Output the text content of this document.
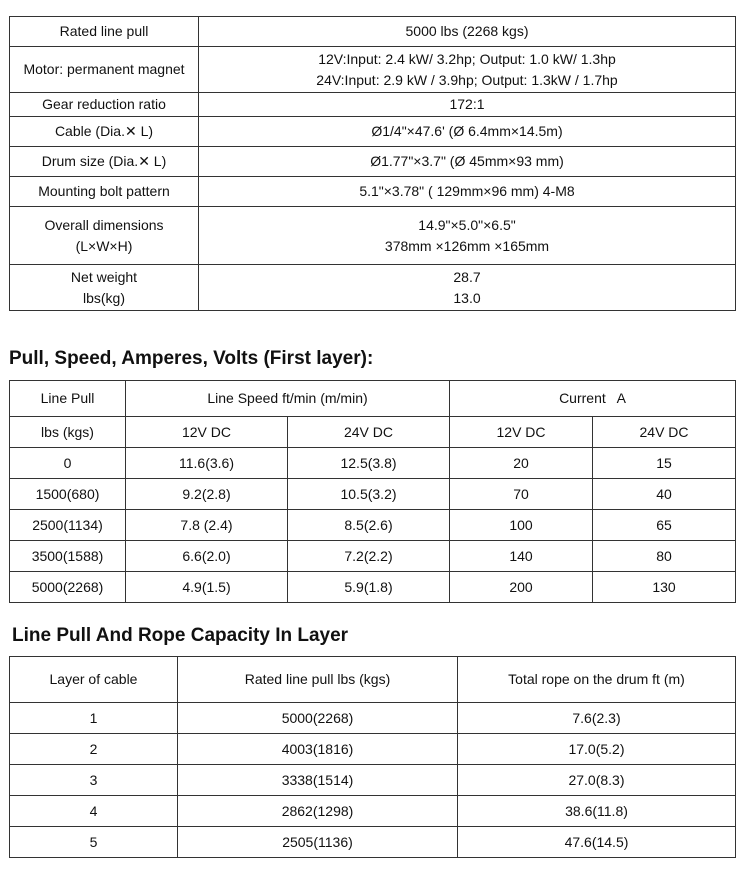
Rated line pull	5000 lbs (2268 kgs)

Motor: permanent magnet	12V:Input: 2.4 kW/ 3.2hp; Output: 1.0 kW/ 1.3hp
24V:Input: 2.9 kW / 3.9hp; Output: 1.3kW / 1.7hp

Gear reduction ratio	172:1

Cable (Dia.✕ L)	Ø1/4"×47.6' (Ø 6.4mm×14.5m)

Drum size (Dia.✕ L)	Ø1.77"×3.7" (Ø 45mm×93 mm)

Mounting bolt pattern	5.1"×3.78" ( 129mm×96 mm) 4-M8

Overall dimensions
(L×W×H)	14.9"×5.0"×6.5"
378mm ×126mm ×165mm

Net weight
lbs(kg)	28.7
13.0
Pull, Speed, Amperes, Volts (First layer):
Line Pull	Line Speed ft/min (m/min)		Current   A	
lbs (kgs)	12V DC	24V DC	12V DC	24V DC
0	11.6(3.6)	12.5(3.8)	20	15
1500(680)	9.2(2.8)	10.5(3.2)	70	40
2500(1134)	7.8 (2.4)	8.5(2.6)	100	65
3500(1588)	6.6(2.0)	7.2(2.2)	140	80
5000(2268)	4.9(1.5)	5.9(1.8)	200	130
Line Pull And Rope Capacity In Layer
Layer of cable	Rated line pull lbs (kgs)	Total rope on the drum ft (m)
1	5000(2268)	7.6(2.3)
2	4003(1816)	17.0(5.2)
3	3338(1514)	27.0(8.3)
4	2862(1298)	38.6(11.8)
5	2505(1136)	47.6(14.5)
